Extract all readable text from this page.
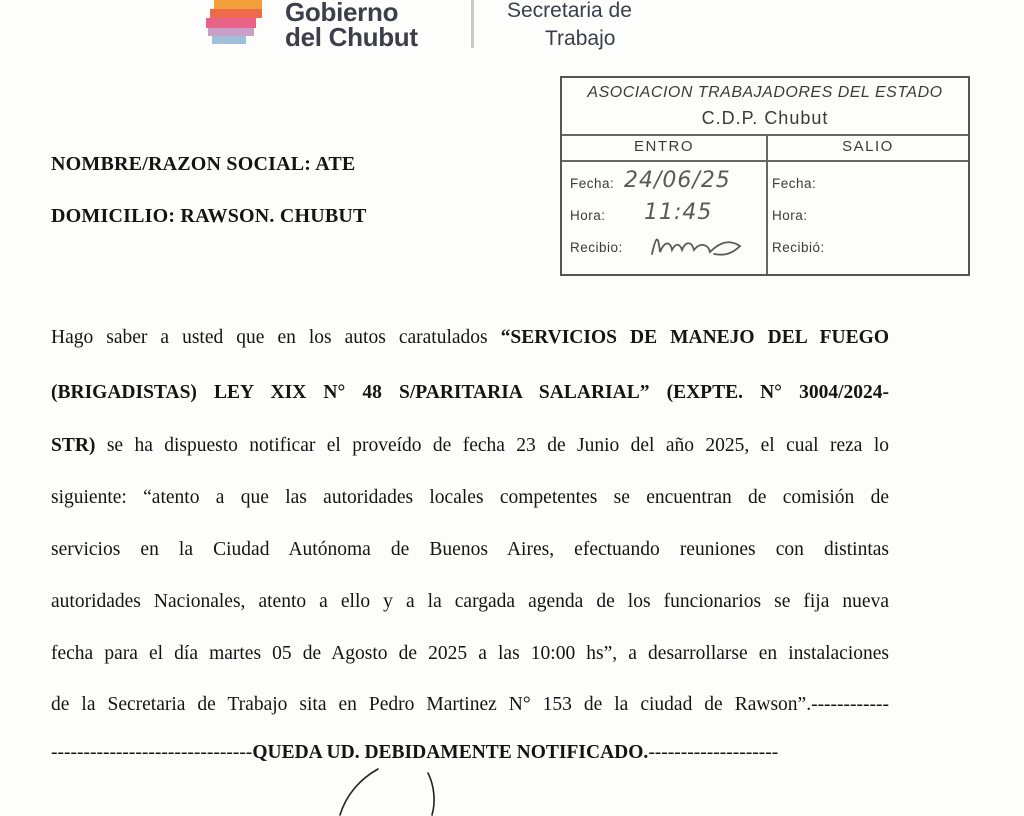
Gobierno
del Chubut
Secretaria de
Trabajo
ASOCIACION TRABAJADORES DEL ESTADO
C.D.P. Chubut
ENTRO	SALIO
Fecha:
Hora:
Recibio:
Fecha:
Hora:
Recibió:
24/06/25
11:45
NOMBRE/RAZON SOCIAL: ATE
DOMICILIO: RAWSON. CHUBUT
Hago saber a usted que en los autos caratulados “SERVICIOS DE MANEJO DEL FUEGO
(BRIGADISTAS) LEY XIX N° 48 S/PARITARIA SALARIAL” (EXPTE. N° 3004/2024-
STR) se ha dispuesto notificar el proveído de fecha 23 de Junio del año 2025, el cual reza lo
siguiente: “atento a que las autoridades locales competentes se encuentran de comisión de
servicios en la Ciudad Autónoma de Buenos Aires, efectuando reuniones con distintas
autoridades Nacionales, atento a ello y a la cargada agenda de los funcionarios se fija nueva
fecha para el día martes 05 de Agosto de 2025 a las 10:00 hs”, a desarrollarse en instalaciones
de la Secretaria de Trabajo sita en Pedro Martinez N° 153 de la ciudad de Rawson”.------------
-------------------------------QUEDA UD. DEBIDAMENTE NOTIFICADO.--------------------
